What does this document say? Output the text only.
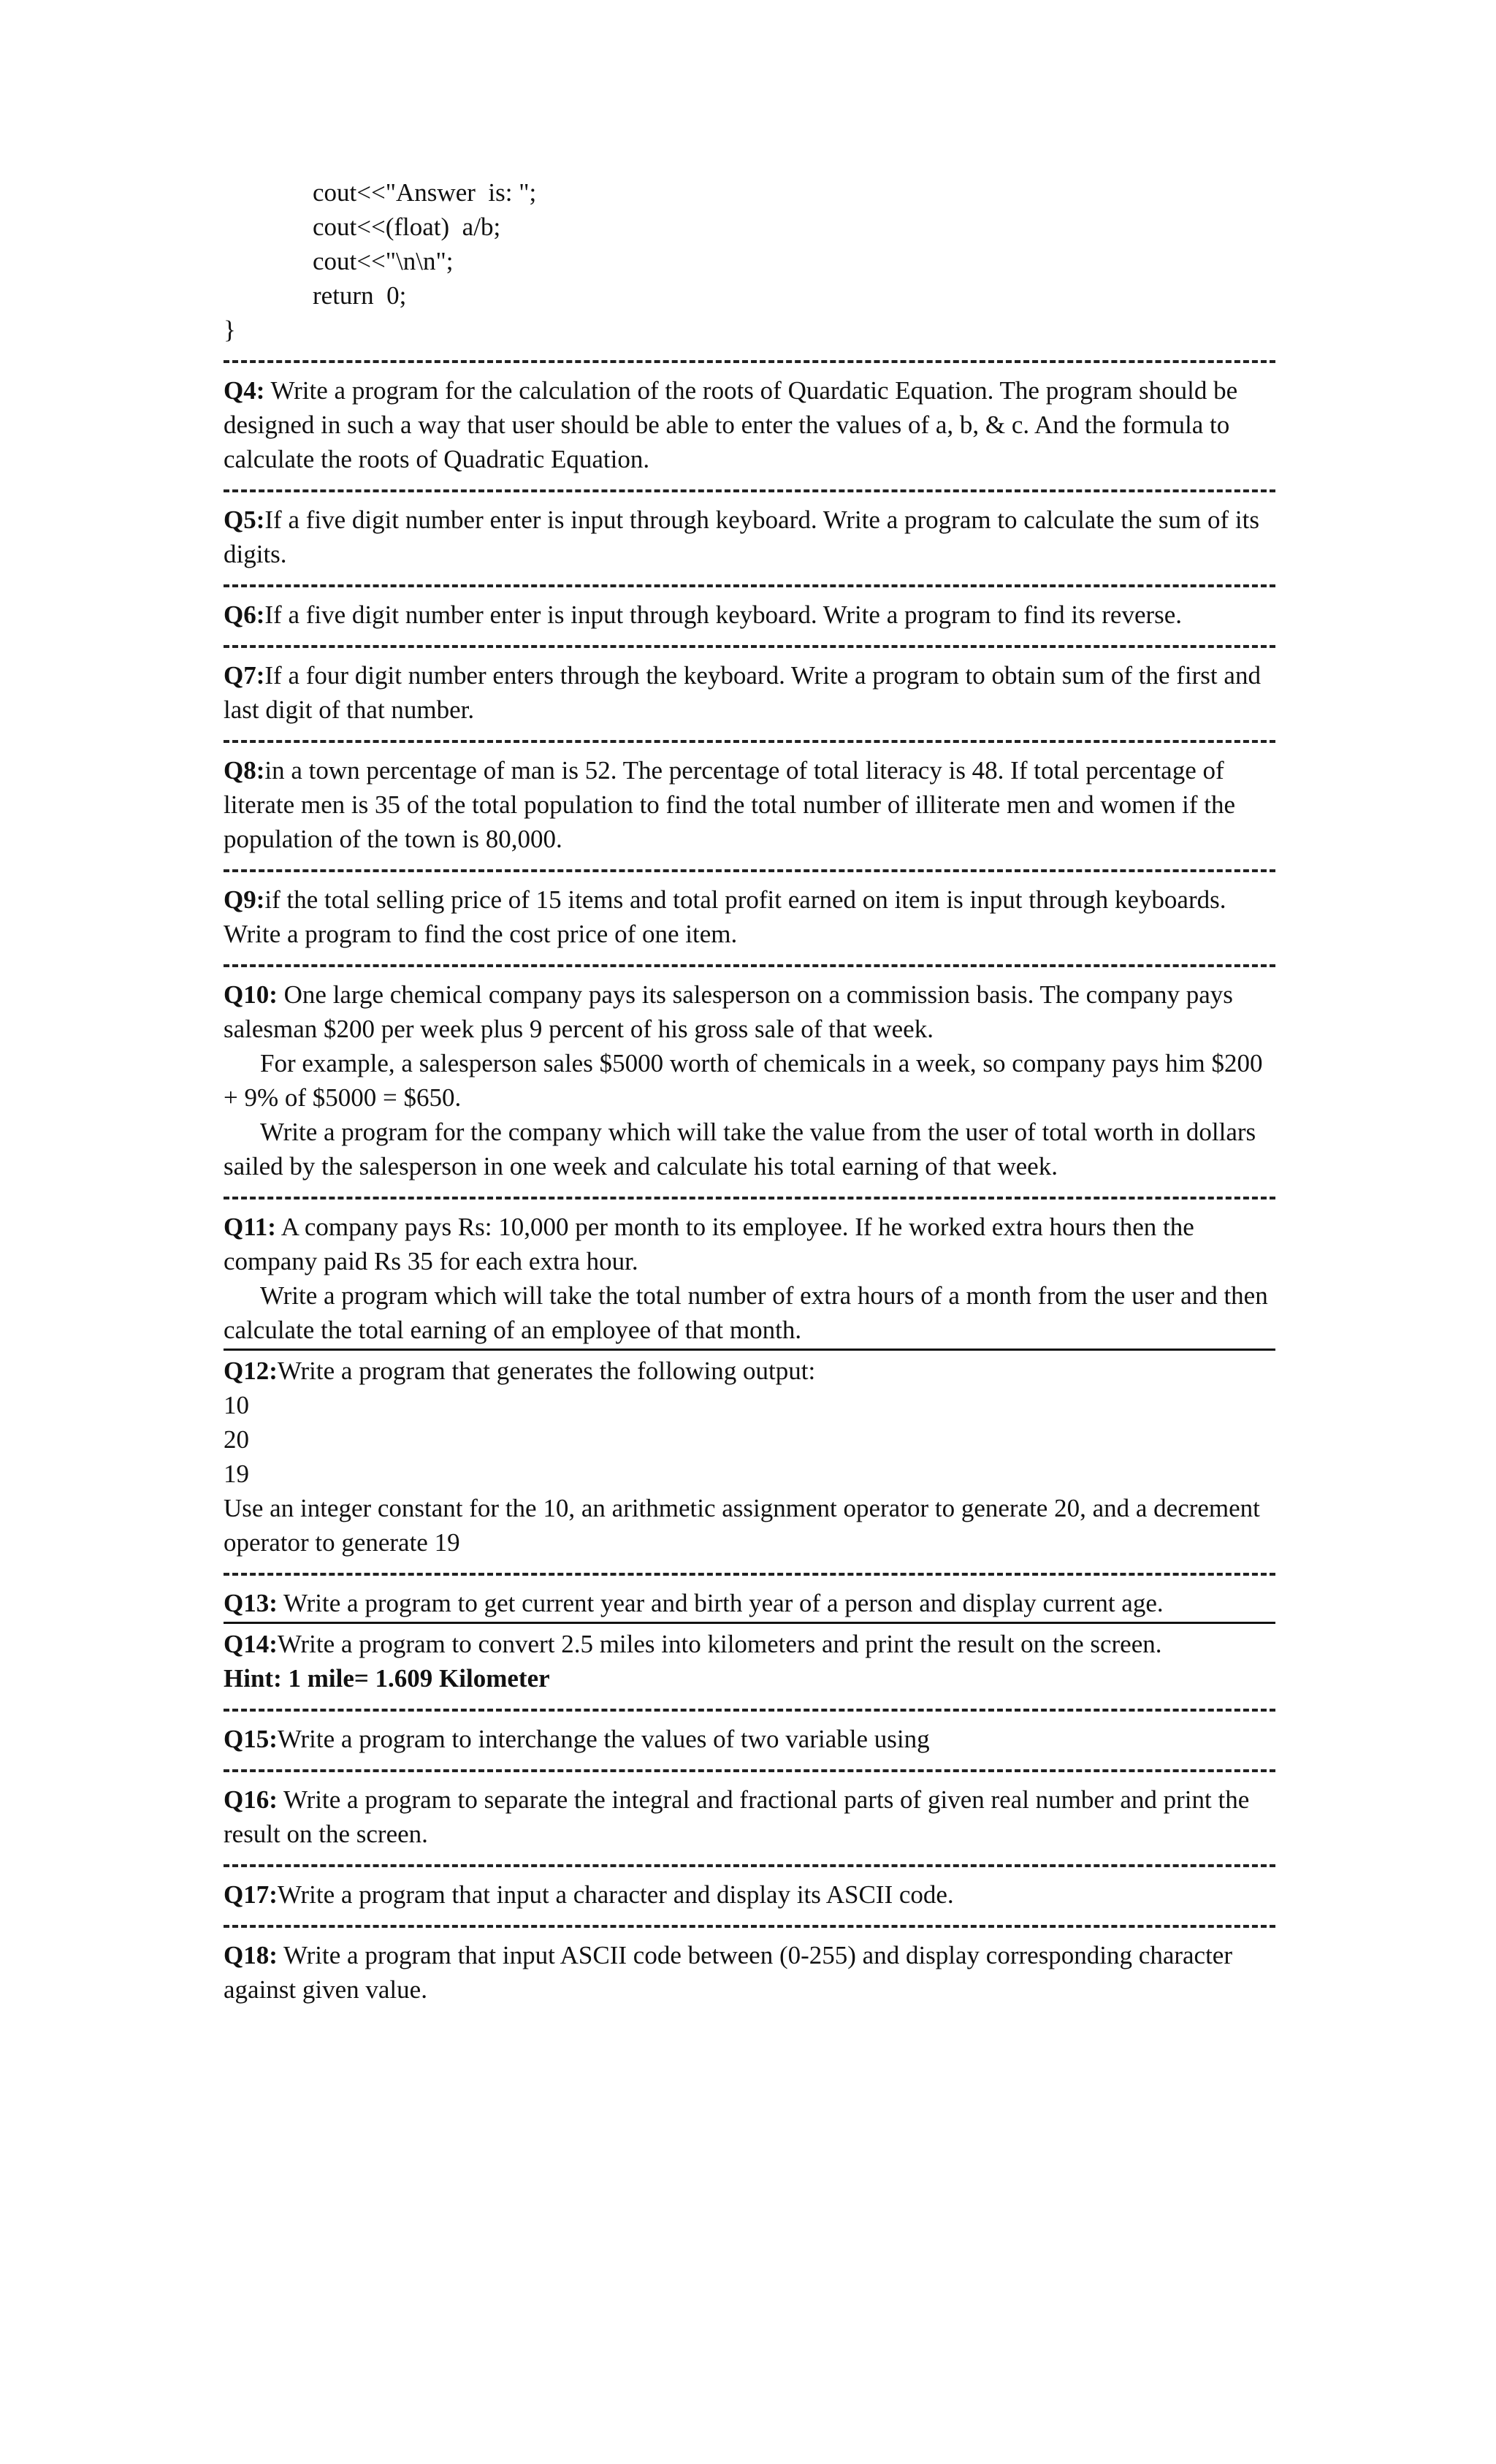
cout<<"Answer  is: ";
cout<<(float)  a/b;
cout<<"\n\n";
return  0;
}

Q4: Write a program for the calculation of the roots of Quardatic Equation. The program should be designed in such a way that user should be able to enter the values of a, b, & c. And the formula to calculate the roots of Quadratic Equation.

Q5:If a five digit number enter is input through keyboard. Write a program to calculate the sum of its digits.

Q6:If a five digit number enter is input through keyboard. Write a program to find its reverse.

Q7:If a four digit number enters through the keyboard. Write a program to obtain sum of the first and last digit of that number.

Q8:in a town percentage of man is 52. The percentage of total literacy is 48. If total percentage of literate men is 35 of the total population to find the total number of illiterate men and women if the population of the town is 80,000.

Q9:if the total selling price of 15 items and total profit earned on item is input through keyboards. Write a program to find the cost price of one item.

Q10: One large chemical company pays its salesperson on a commission basis. The company pays salesman $200 per week plus 9 percent of his gross sale of that week.

For example, a salesperson sales $5000 worth of chemicals in a week, so company pays him $200 + 9% of $5000 = $650.

Write a program for the company which will take the value from the user of total worth in dollars sailed by the salesperson in one week and calculate his total earning of that week.

Q11: A company pays Rs: 10,000 per month to its employee. If he worked extra hours then the company paid Rs 35 for each extra hour.

Write a program which will take the total number of extra hours of a month from the user and then calculate the total earning of an employee of that month.

Q12:Write a program that generates the following output:

10

20

19

Use an integer constant for the 10, an arithmetic assignment operator to generate 20, and a decrement operator to generate 19

Q13: Write a program to get current year and birth year of a person and display current age.

Q14:Write a program to convert 2.5 miles into kilometers and print the result on the screen.

Hint: 1 mile= 1.609 Kilometer

Q15:Write a program to interchange the values of two variable using

Q16: Write a program to separate the integral and fractional parts of given real number and print the result on the screen.

Q17:Write a program that input a character and display its ASCII code.

Q18: Write a program that input ASCII code between (0-255) and display corresponding character against given value.
